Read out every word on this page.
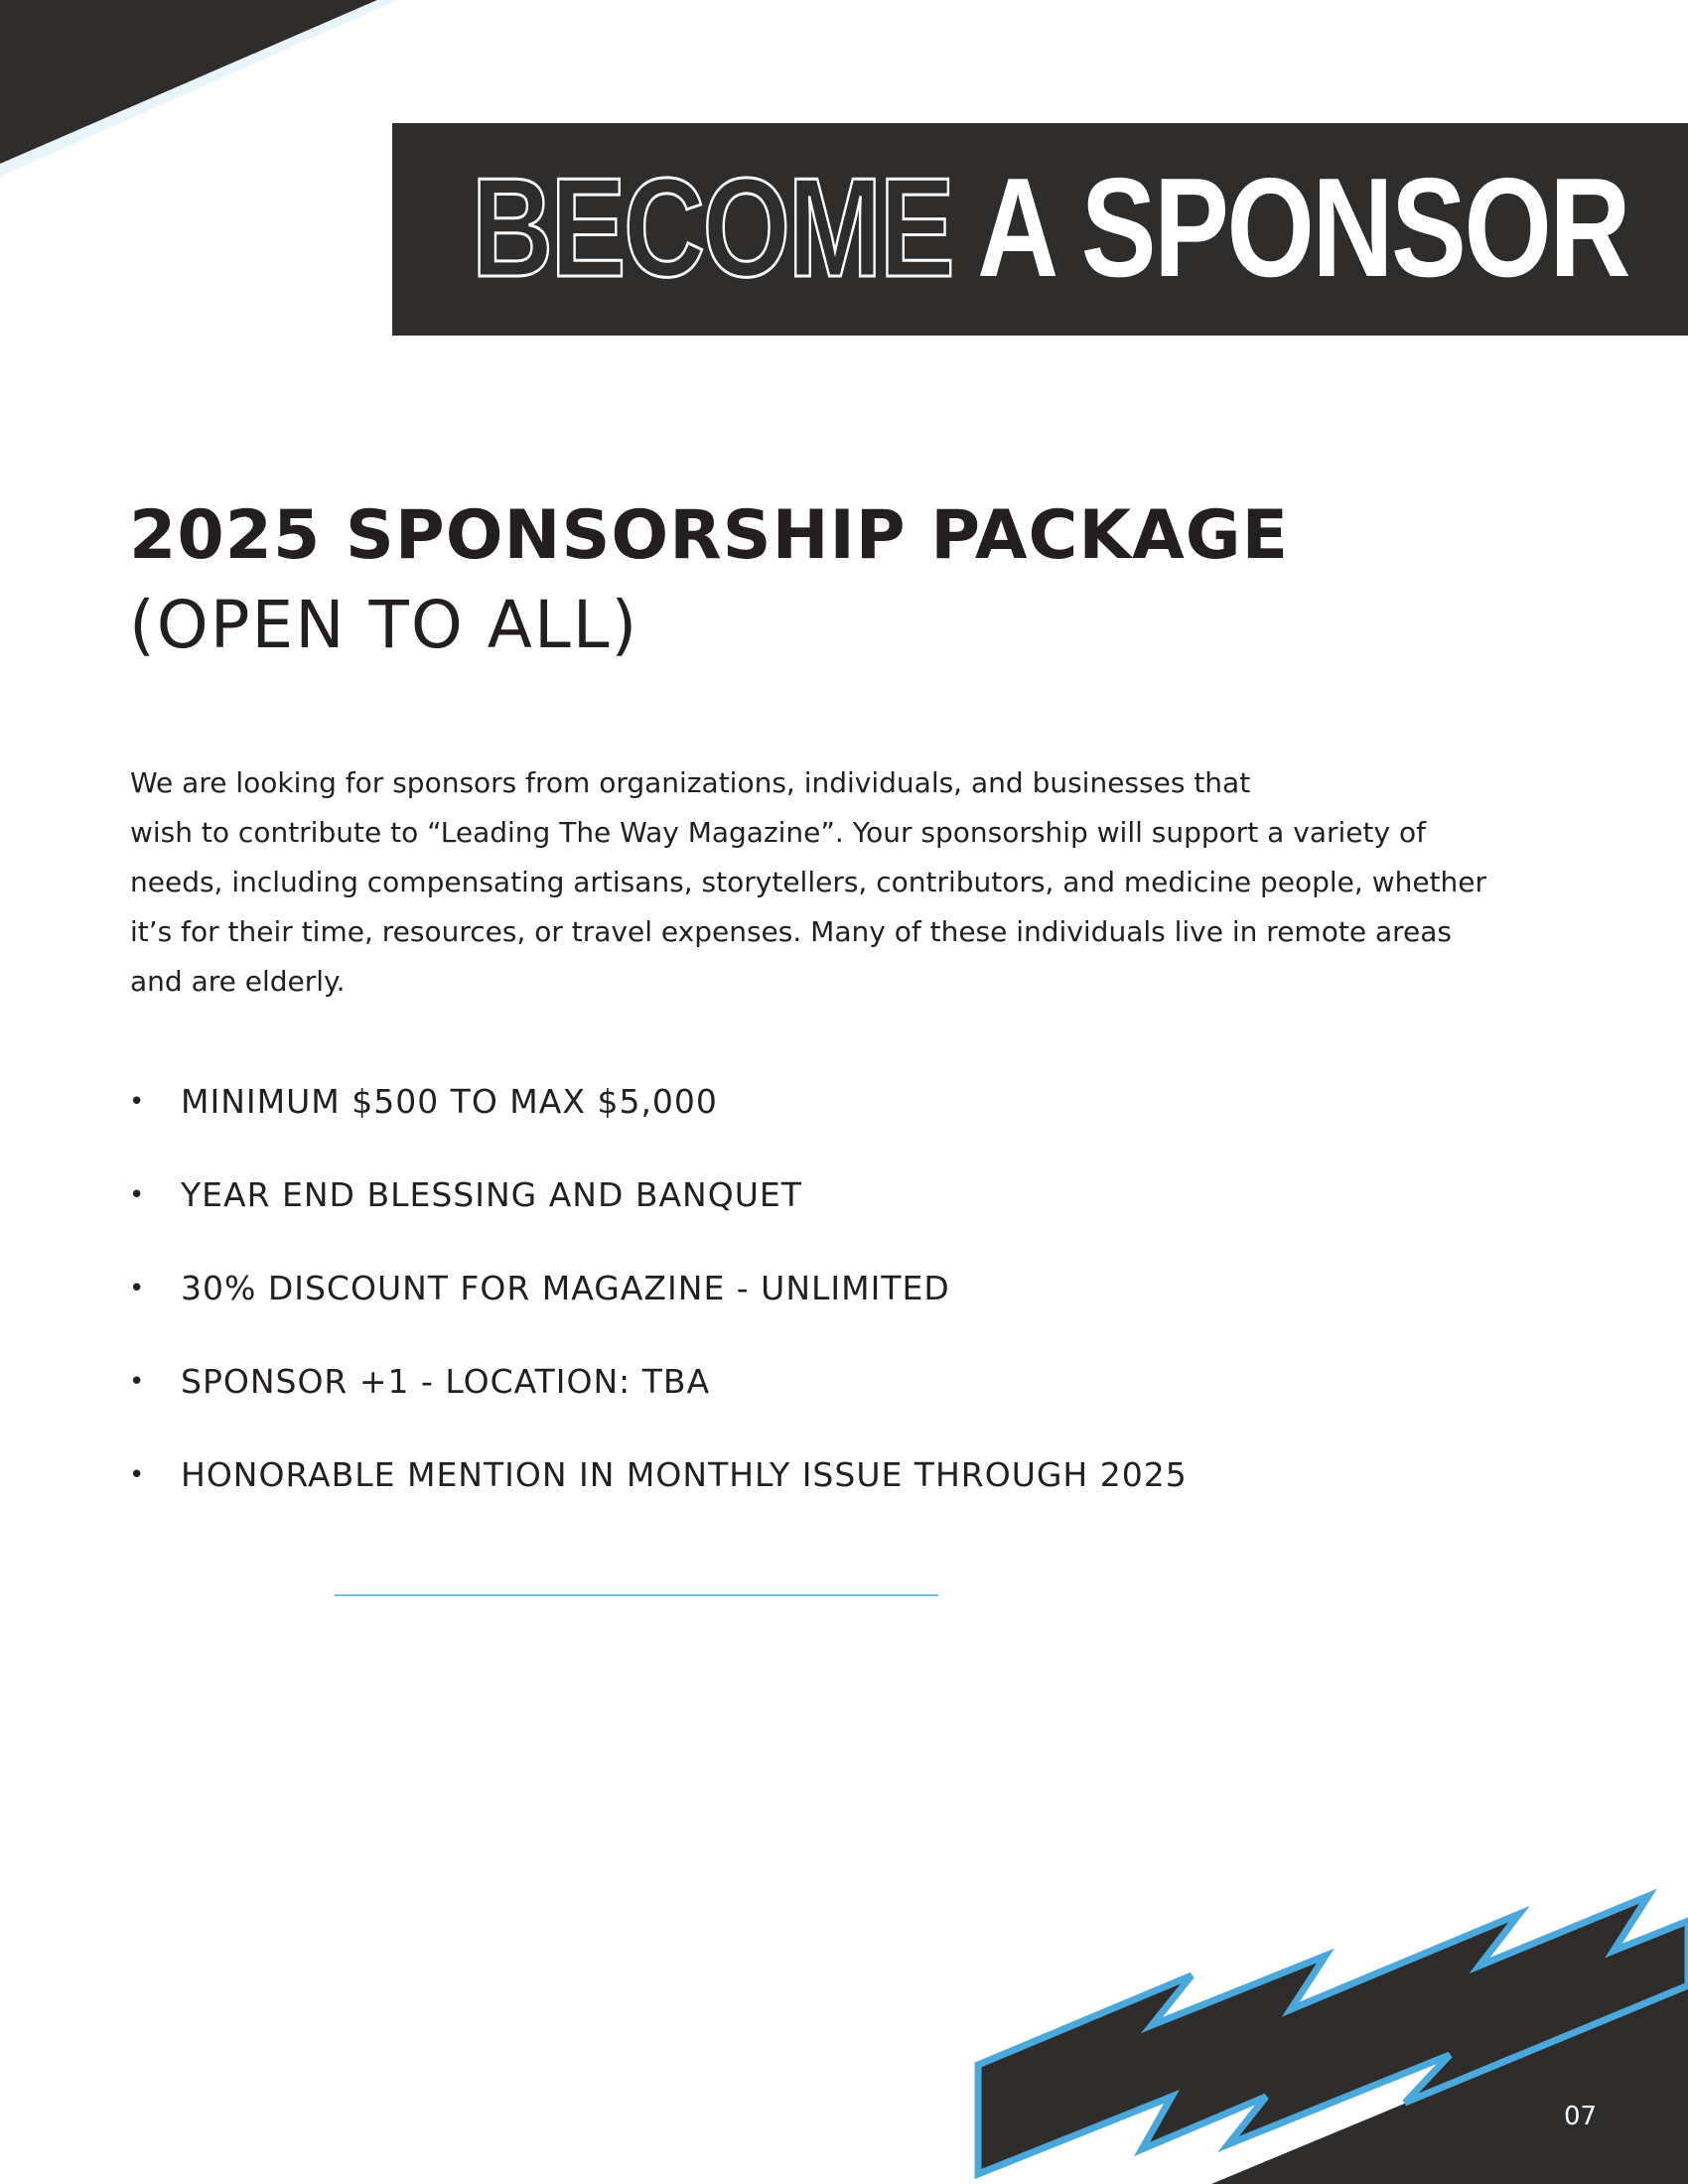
BECOME A SPONSOR
2025 SPONSORSHIP PACKAGE
(OPEN TO ALL)

We are looking for sponsors from organizations, individuals, and businesses that
wish to contribute to “Leading The Way Magazine”. Your sponsorship will support a variety of
needs, including compensating artisans, storytellers, contributors, and medicine people, whether
it’s for their time, resources, or travel expenses. Many of these individuals live in remote areas
and are elderly.

• MINIMUM $500 TO MAX $5,000
• YEAR END BLESSING AND BANQUET
• 30% DISCOUNT FOR MAGAZINE - UNLIMITED
• SPONSOR +1 - LOCATION: TBA
• HONORABLE MENTION IN MONTHLY ISSUE THROUGH 2025
07
